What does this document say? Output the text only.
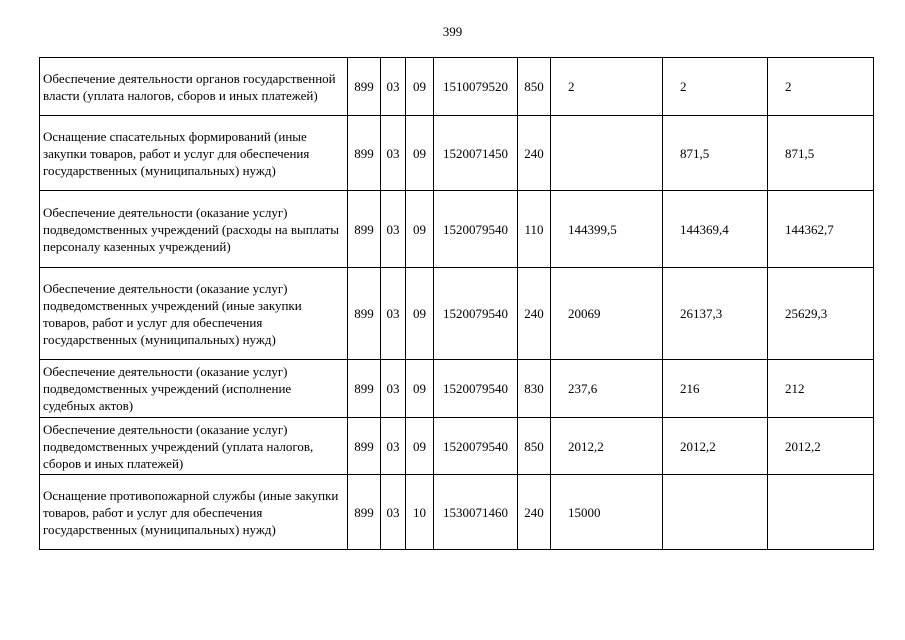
399
Обеспечение деятельности органов государственной власти (уплата налогов, сборов и иных платежей)	899	03	09	1510079520	850	2	2	2
Оснащение спасательных формирований (иные закупки товаров, работ и услуг для обеспечения государственных (муниципальных) нужд)	899	03	09	1520071450	240		871,5	871,5
Обеспечение деятельности (оказание услуг) подведомственных учреждений (расходы на выплаты персоналу казенных учреждений)	899	03	09	1520079540	110	144399,5	144369,4	144362,7
Обеспечение деятельности (оказание услуг) подведомственных учреждений (иные закупки товаров, работ и услуг для обеспечения государственных (муниципальных) нужд)	899	03	09	1520079540	240	20069	26137,3	25629,3
Обеспечение деятельности (оказание услуг) подведомственных учреждений (исполнение судебных актов)	899	03	09	1520079540	830	237,6	216	212
Обеспечение деятельности (оказание услуг) подведомственных учреждений (уплата налогов, сборов и иных платежей)	899	03	09	1520079540	850	2012,2	2012,2	2012,2
Оснащение противопожарной службы (иные закупки товаров, работ и услуг для обеспечения государственных (муниципальных) нужд)	899	03	10	1530071460	240	15000		
